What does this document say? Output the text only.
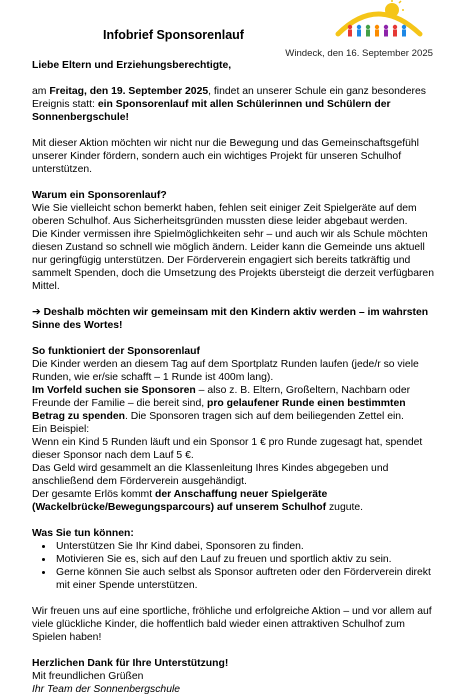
Infobrief Sponsorenlauf
Windeck, den 16. September 2025

Liebe Eltern und Erziehungsberechtigte,

am Freitag, den 19. September 2025, findet an unserer Schule ein ganz besonderes Ereignis statt: ein Sponsorenlauf mit allen Schülerinnen und Schülern der Sonnenbergschule!

Mit dieser Aktion möchten wir nicht nur die Bewegung und das Gemeinschaftsgefühl unserer Kinder fördern, sondern auch ein wichtiges Projekt für unseren Schulhof unterstützen.

Warum ein Sponsorenlauf?

Wie Sie vielleicht schon bemerkt haben, fehlen seit einiger Zeit Spielgeräte auf dem oberen Schulhof. Aus Sicherheitsgründen mussten diese leider abgebaut werden.

Die Kinder vermissen ihre Spielmöglichkeiten sehr – und auch wir als Schule möchten diesen Zustand so schnell wie möglich ändern. Leider kann die Gemeinde uns aktuell nur geringfügig unterstützen. Der Förderverein engagiert sich bereits tatkräftig und sammelt Spenden, doch die Umsetzung des Projekts übersteigt die derzeit verfügbaren Mittel.

➔ Deshalb möchten wir gemeinsam mit den Kindern aktiv werden – im wahrsten Sinne des Wortes!

So funktioniert der Sponsorenlauf

Die Kinder werden an diesem Tag auf dem Sportplatz Runden laufen (jede/r so viele Runden, wie er/sie schafft – 1 Runde ist 400m lang).

Im Vorfeld suchen sie Sponsoren – also z. B. Eltern, Großeltern, Nachbarn oder Freunde der Familie – die bereit sind, pro gelaufener Runde einen bestimmten Betrag zu spenden. Die Sponsoren tragen sich auf dem beiliegenden Zettel ein.

Ein Beispiel:

Wenn ein Kind 5 Runden läuft und ein Sponsor 1 € pro Runde zugesagt hat, spendet dieser Sponsor nach dem Lauf 5 €.

Das Geld wird gesammelt an die Klassenleitung Ihres Kindes abgegeben und anschließend dem Förderverein ausgehändigt.

Der gesamte Erlös kommt der Anschaffung neuer Spielgeräte (Wackelbrücke/Bewegungsparcours) auf unserem Schulhof zugute.

Was Sie tun können:

• Unterstützen Sie Ihr Kind dabei, Sponsoren zu finden.
• Motivieren Sie es, sich auf den Lauf zu freuen und sportlich aktiv zu sein.
• Gerne können Sie auch selbst als Sponsor auftreten oder den Förderverein direkt mit einer Spende unterstützen.

Wir freuen uns auf eine sportliche, fröhliche und erfolgreiche Aktion – und vor allem auf viele glückliche Kinder, die hoffentlich bald wieder einen attraktiven Schulhof zum Spielen haben!

Herzlichen Dank für Ihre Unterstützung!

Mit freundlichen Grüßen

Ihr Team der Sonnenbergschule
